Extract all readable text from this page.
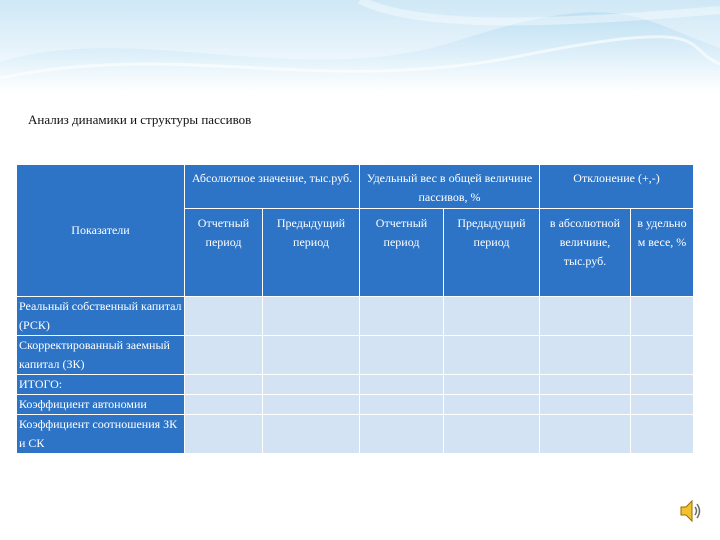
Анализ динамики и структуры пассивов
Показатели	Абсолютное значение, тыс.руб.		Удельный вес в общей величине пассивов, %		Отклонение (+,-)	
	Отчетный период	Предыдущий период	Отчетный период	Предыдущий период	в абсолютной величине, тыс.руб.	в удельно м весе, %
Реальный собственный капитал (РСК)						
Скорректированный заемный капитал (ЗК)						
ИТОГО:						
Коэффициент автономии						
Коэффициент соотношения ЗК и СК						
